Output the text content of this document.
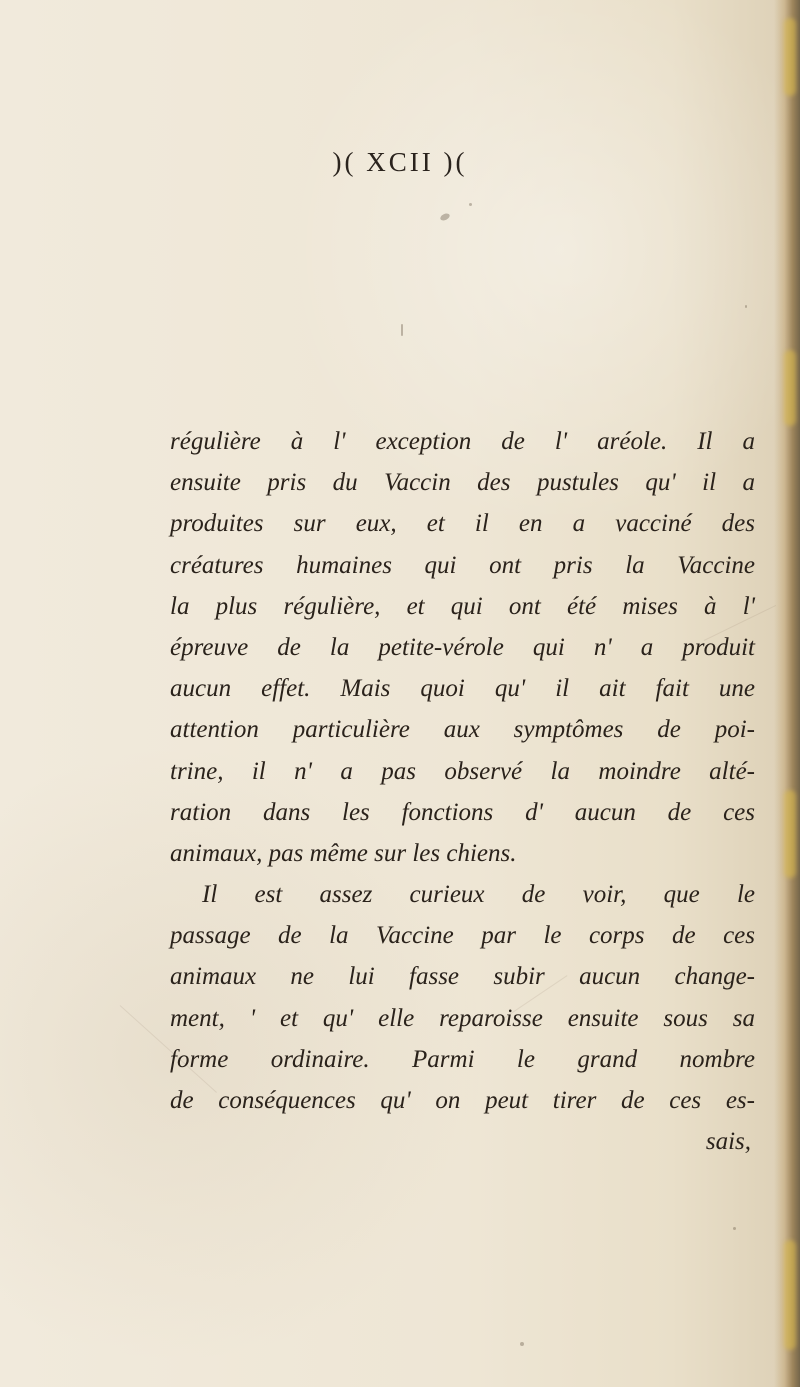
)( XCII )(
régulière à l' exception de l' aréole. Il a
ensuite pris du Vaccin des pustules qu' il a
produites sur eux, et il en a vacciné des
créatures humaines qui ont pris la Vaccine
la plus régulière, et qui ont été mises à l'
épreuve de la petite-vérole qui n' a produit
aucun effet. Mais quoi qu' il ait fait une
attention particulière aux symptômes de poi-
trine, il n' a pas observé la moindre alté-
ration dans les fonctions d' aucun de ces
animaux, pas même sur les chiens.
Il est assez curieux de voir, que le
passage de la Vaccine par le corps de ces
animaux ne lui fasse subir aucun change-
ment, ' et qu' elle reparoisse ensuite sous sa
forme ordinaire. Parmi le grand nombre
de conséquences qu' on peut tirer de ces es-
sais,
